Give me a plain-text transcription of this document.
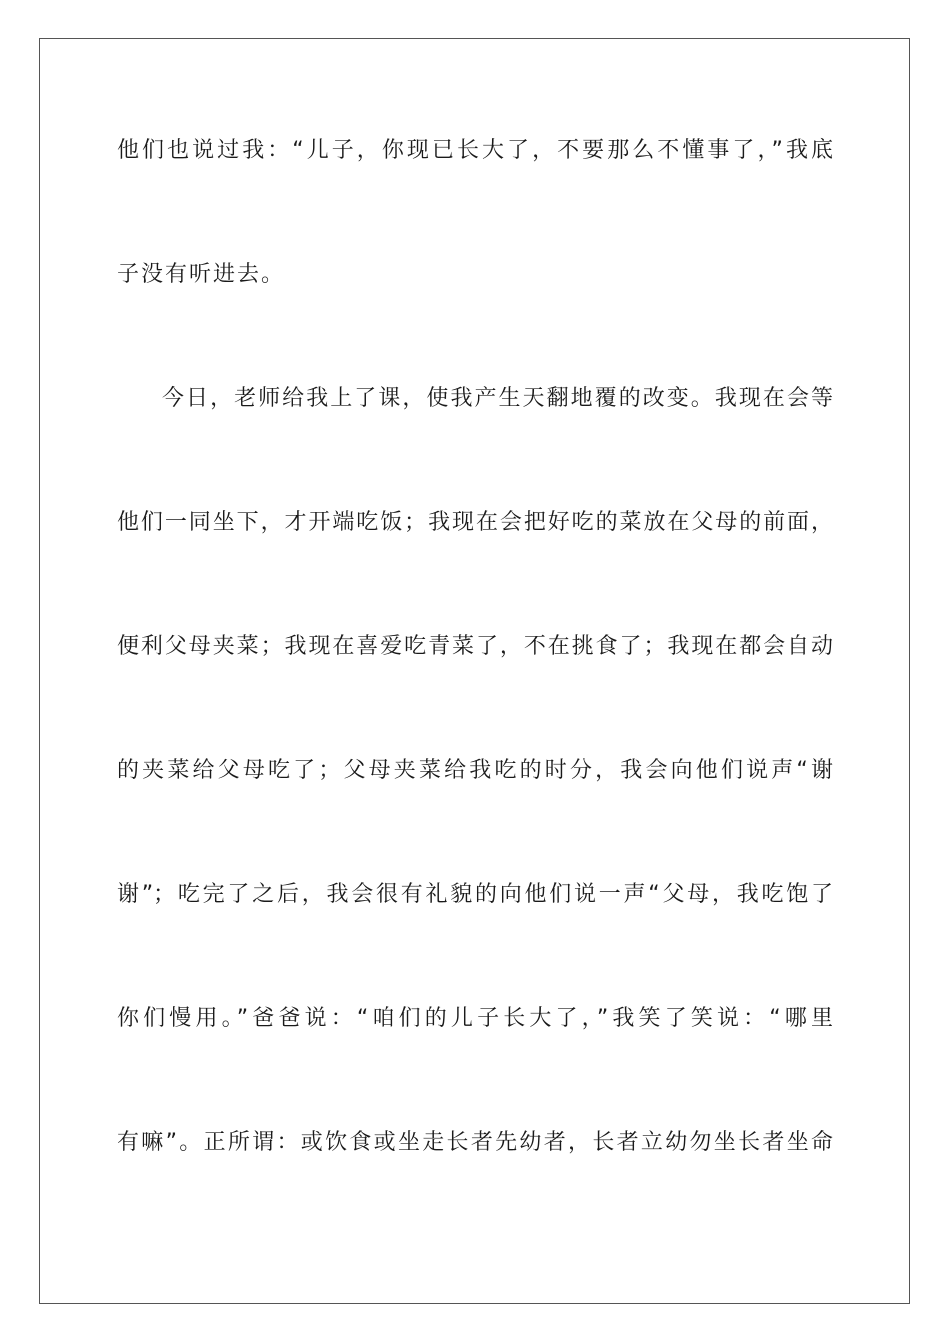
他们也说过我：“儿子，你现已长大了，不要那么不懂事了，”我底
子没有听进去。
今日，老师给我上了课，使我产生天翻地覆的改变。我现在会等
他们一同坐下，才开端吃饭；我现在会把好吃的菜放在父母的前面，
便利父母夹菜；我现在喜爱吃青菜了，不在挑食了；我现在都会自动
的夹菜给父母吃了；父母夹菜给我吃的时分，我会向他们说声“谢
谢”；吃完了之后，我会很有礼貌的向他们说一声“父母，我吃饱了
你们慢用。”爸爸说：“咱们的儿子长大了，”我笑了笑说：“哪里
有嘛”。正所谓：或饮食或坐走长者先幼者，长者立幼勿坐长者坐命
